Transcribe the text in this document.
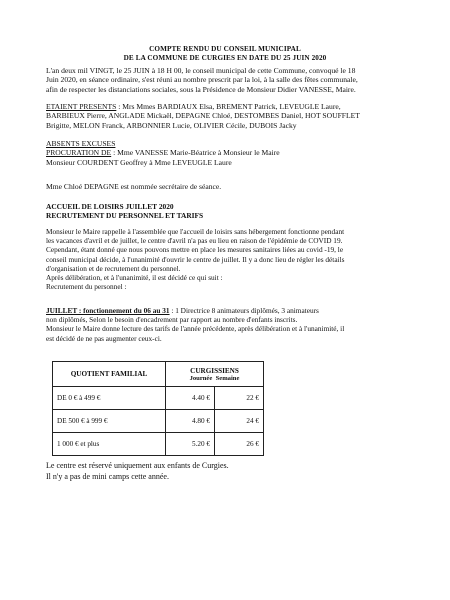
COMPTE RENDU DU CONSEIL MUNICIPAL
DE LA COMMUNE DE CURGIES EN DATE DU 25 JUIN 2020

L'an deux mil VINGT, le 25 JUIN à 18 H 00, le conseil municipal de cette Commune, convoqué le 18

Juin 2020, en séance ordinaire, s'est réuni au nombre prescrit par la loi, à la salle des fêtes communale,

afin de respecter les distanciations sociales, sous la Présidence de Monsieur Didier VANESSE, Maire.

ETAIENT PRESENTS : Mrs Mmes BARDIAUX Elsa, BREMENT Patrick, LEVEUGLE Laure,

BARBIEUX Pierre, ANGLADE Mickaël, DEPAGNE Chloé, DESTOMBES Daniel, HOT SOUFFLET

Brigitte, MELON Franck, ARBONNIER Lucie, OLIVIER Cécile, DUBOIS Jacky

ABSENTS EXCUSES

PROCURATION DE : Mme VANESSE Marie-Béatrice à Monsieur le Maire

Monsieur COURDENT Geoffrey à Mme LEVEUGLE Laure

Mme Chloé DEPAGNE est nommée secrétaire de séance.
ACCUEIL DE LOISIRS JUILLET 2020
RECRUTEMENT DU PERSONNEL ET TARIFS

Monsieur le Maire rappelle à l'assemblée que l'accueil de loisirs sans hébergement fonctionne pendant

les vacances d'avril et de juillet, le centre d'avril n'a pas eu lieu en raison de l'épidémie de COVID 19.

Cependant, étant donné que nous pouvons mettre en place les mesures sanitaires liées au covid -19, le

conseil municipal décide, à l'unanimité d'ouvrir le centre de juillet. Il y a donc lieu de régler les détails

d'organisation et de recrutement du personnel.

Après délibération, et à l'unanimité, il est décidé ce qui suit :

Recrutement du personnel :

JUILLET : fonctionnement du 06 au 31 : 1 Directrice 8 animateurs diplômés, 3 animateurs

non diplômés, Selon le besoin d'encadrement par rapport au nombre d'enfants inscrits.

Monsieur le Maire donne lecture des tarifs de l'année précédente, après délibération et à l'unanimité, il

est décidé de ne pas augmenter ceux-ci.

QUOTIENT FAMILIAL	CURGISSIENS
Journée Semaine	

DE 0 € à 499 €	4.40 €	22 €
DE 500 € à 999 €	4.80 €	24 €
1 000 € et plus	5.20 €	26 €

Le centre est réservé uniquement aux enfants de Curgies.

Il n'y a pas de mini camps cette année.
